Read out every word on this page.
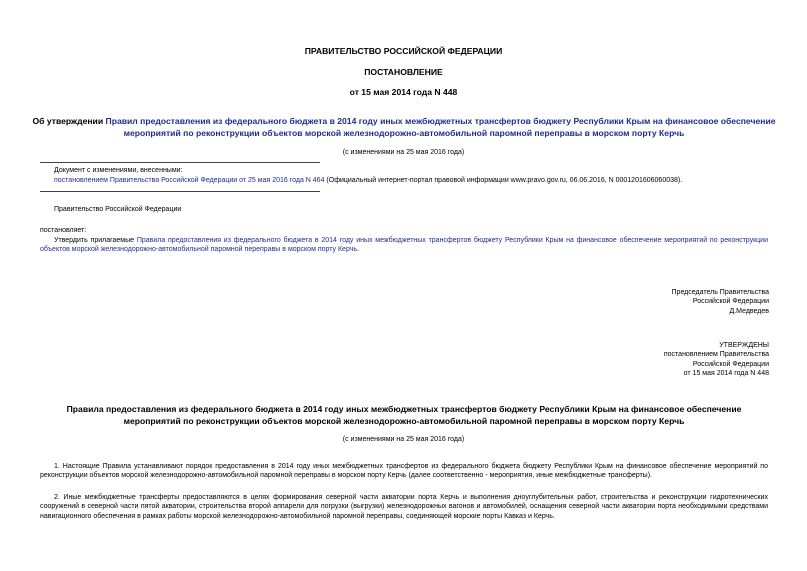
ПРАВИТЕЛЬСТВО РОССИЙСКОЙ ФЕДЕРАЦИИ
ПОСТАНОВЛЕНИЕ
от 15 мая 2014 года N 448
Об утверждении Правил предоставления из федерального бюджета в 2014 году иных межбюджетных трансфертов бюджету Республики Крым на финансовое обеспечение мероприятий по реконструкции объектов морской железнодорожно-автомобильной паромной переправы в морском порту Керчь
(с изменениями на 25 мая 2016 года)
Документ с изменениями, внесенными:
постановлением Правительства Российской Федерации от 25 мая 2016 года N 464 (Официальный интернет-портал правовой информации www.pravo.gov.ru, 06.06.2016, N 0001201606060038).
Правительство Российской Федерации
постановляет:
Утвердить прилагаемые Правила предоставления из федерального бюджета в 2014 году иных межбюджетных трансфертов бюджету Республики Крым на финансовое обеспечение мероприятий по реконструкции объектов морской железнодорожно-автомобильной паромной переправы в морском порту Керчь.
Председатель Правительства
Российской Федерации
Д.Медведев
УТВЕРЖДЕНЫ
постановлением Правительства
Российской Федерации
от 15 мая 2014 года N 448
Правила предоставления из федерального бюджета в 2014 году иных межбюджетных трансфертов бюджету Республики Крым на финансовое обеспечение мероприятий по реконструкции объектов морской железнодорожно-автомобильной паромной переправы в морском порту Керчь
(с изменениями на 25 мая 2016 года)
1. Настоящие Правила устанавливают порядок предоставления в 2014 году иных межбюджетных трансфертов из федерального бюджета бюджету Республики Крым на финансовое обеспечение мероприятий по реконструкции объектов морской железнодорожно-автомобильной паромной переправы в морском порту Керчь (далее соответственно - мероприятия, иные межбюджетные трансферты).
2. Иные межбюджетные трансферты предоставляются в целях формирования северной части акватории порта Керчь и выполнения дноуглубительных работ, строительства и реконструкции гидротехнических сооружений в северной части пятой акватории, строительства второй аппарели для погрузки (выгрузки) железнодорожных вагонов и автомобилей, оснащения северной части акватории порта необходимыми средствами навигационного обеспечения в рамках работы морской железнодорожно-автомобильной паромной переправы, соединяющей морские порты Кавказ и Керчь.
